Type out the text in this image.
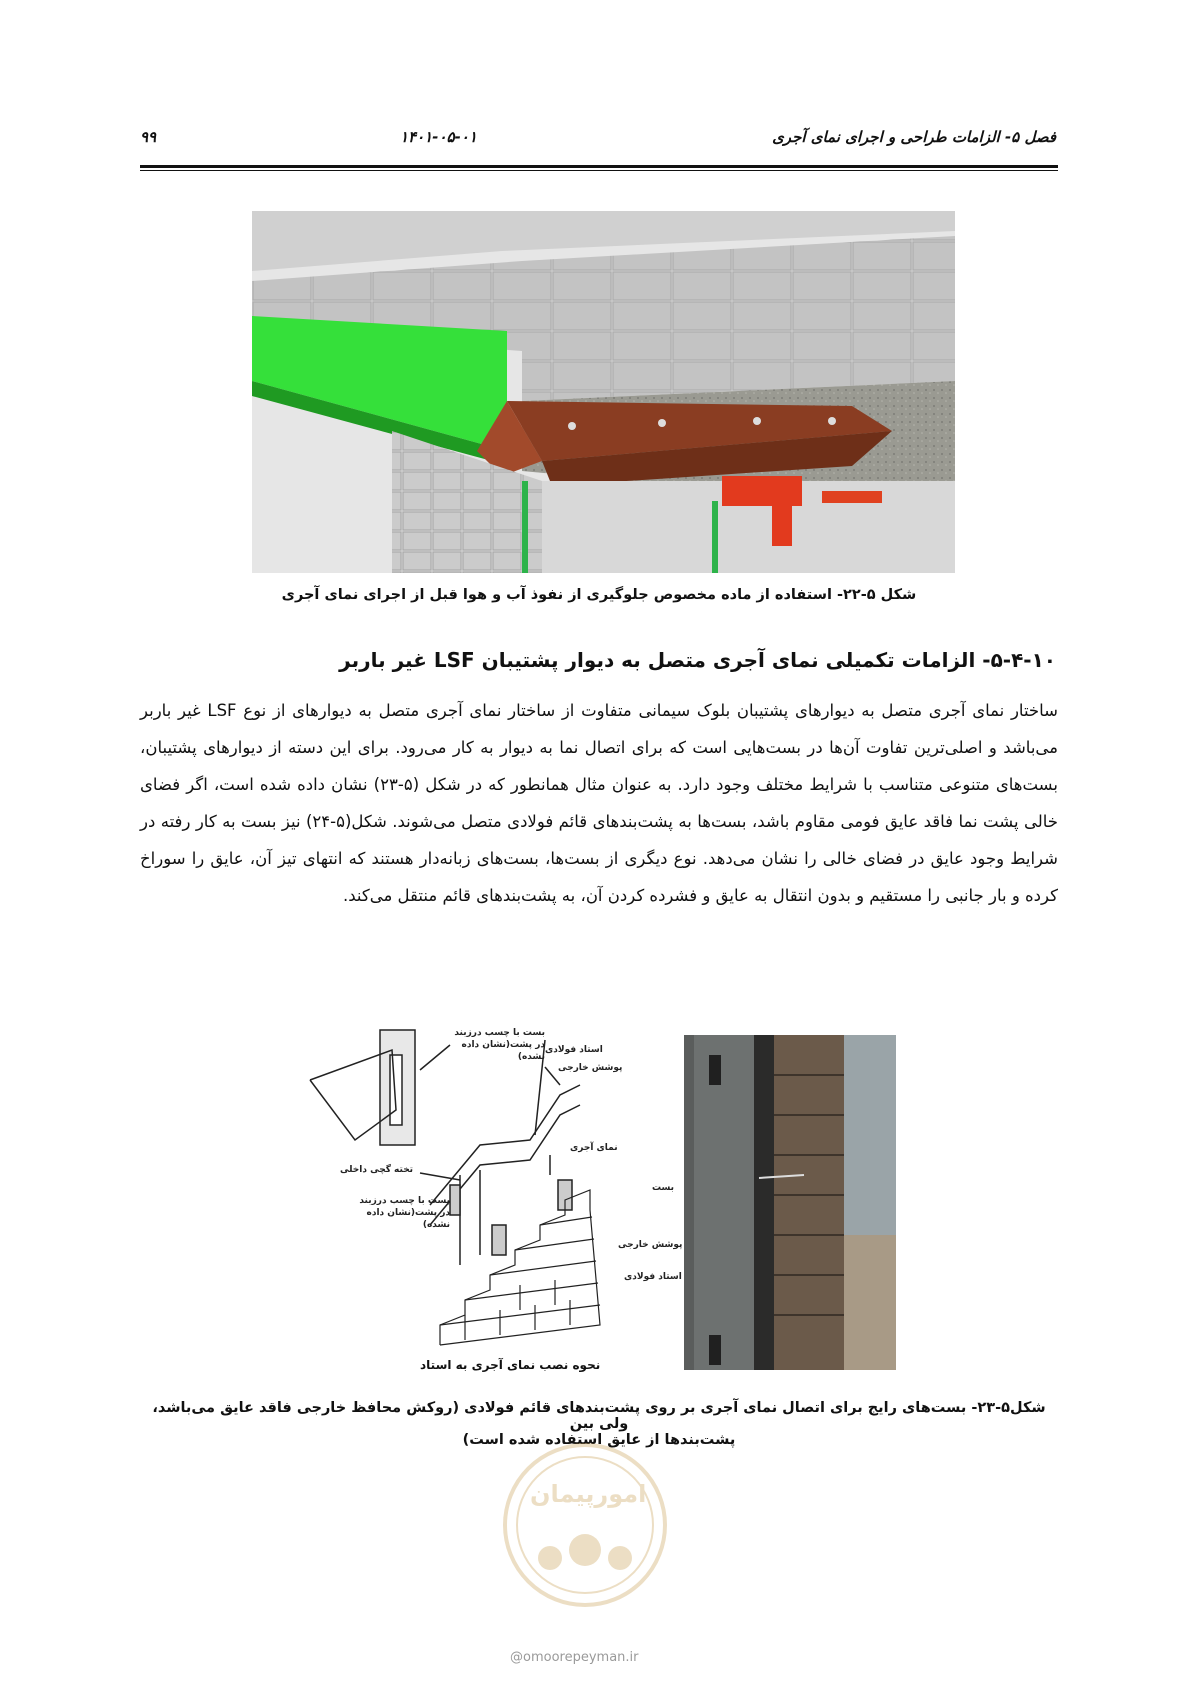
۹۹	۱۴۰۱-۰۵-۰۱	فصل ۵- الزامات طراحی و اجرای نمای آجری
شکل ۵-۲۲- استفاده از ماده مخصوص جلوگیری از نفوذ آب و هوا قبل از اجرای نمای آجری
۵-۴-۱۰- الزامات تکمیلی نمای آجری متصل به دیوار پشتیبان LSF غیر باربر
ساختار نمای آجری متصل به دیوارهای پشتیبان بلوک سیمانی متفاوت از ساختار نمای آجری متصل به دیوارهای از نوع LSF غیر باربر می‌باشد و اصلی‌ترین تفاوت آن‌ها در بست‌هایی است که برای اتصال نما به دیوار به کار می‌رود. برای این دسته از دیوارهای پشتیبان، بست‌های متنوعی متناسب با شرایط مختلف وجود دارد. به عنوان مثال همانطور که در شکل (۵-۲۳) نشان داده شده است، اگر فضای خالی پشت نما فاقد عایق فومی مقاوم باشد، بست‌ها به پشت‌بندهای قائم فولادی متصل می‌شوند. شکل(۵-۲۴) نیز بست به کار رفته در شرایط وجود عایق در فضای خالی را نشان می‌دهد. نوع دیگری از بست‌ها، بست‌های زبانه‌دار هستند که انتهای تیز آن، عایق را سوراخ کرده و بار جانبی را مستقیم و بدون انتقال به عایق و فشرده کردن آن، به پشت‌بندهای قائم منتقل می‌کند.
بست با چسب درزبند در پشت(نشان داده نشده)
استاد فولادی
پوشش خارجی
تخته گچی داخلی
نمای آجری
بست با چسب درزبند در پشت(نشان داده نشده)
نحوه نصب نمای آجری به استاد
بست
پوشش خارجی
استاد فولادی
شکل۵-۲۳- بست‌های رایج برای اتصال نمای آجری بر روی پشت‌بندهای قائم فولادی (روکش محافظ خارجی فاقد عایق می‌باشد، ولی بین
پشت‌بندها از عایق استفاده شده است)
امورپیمان
@omoorepeyman.ir
